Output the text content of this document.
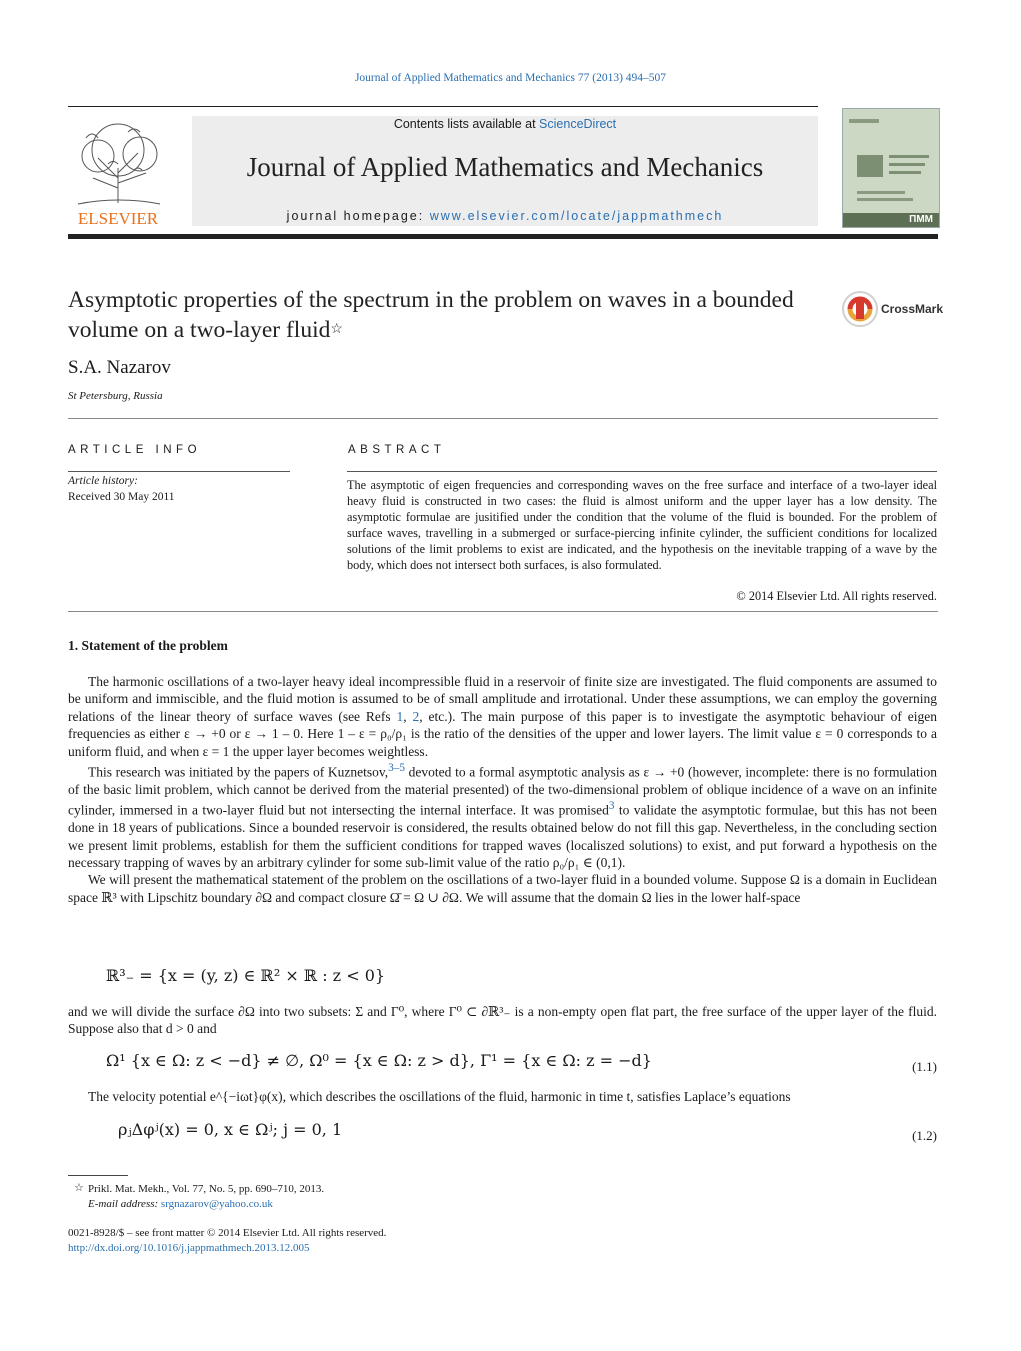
Journal of Applied Mathematics and Mechanics 77 (2013) 494–507
ELSEVIER
Contents lists available at ScienceDirect
Journal of Applied Mathematics and Mechanics
journal homepage: www.elsevier.com/locate/jappmathmech	ПММ
Asymptotic properties of the spectrum in the problem on waves in a bounded volume on a two-layer fluid☆
CrossMark
S.A. Nazarov
St Petersburg, Russia
ARTICLE INFO
Article history:
Received 30 May 2011
ABSTRACT
The asymptotic of eigen frequencies and corresponding waves on the free surface and interface of a two-layer ideal heavy fluid is constructed in two cases: the fluid is almost uniform and the upper layer has a low density. The asymptotic formulae are jusitified under the condition that the volume of the fluid is bounded. For the problem of surface waves, travelling in a submerged or surface-piercing infinite cylinder, the sufficient conditions for localized solutions of the limit problems to exist are indicated, and the hypothesis on the inevitable trapping of a wave by the body, which does not intersect both surfaces, is also formulated.
© 2014 Elsevier Ltd. All rights reserved.
1. Statement of the problem

The harmonic oscillations of a two-layer heavy ideal incompressible fluid in a reservoir of finite size are investigated. The fluid components are assumed to be uniform and immiscible, and the fluid motion is assumed to be of small amplitude and irrotational. Under these assumptions, we can employ the governing relations of the linear theory of surface waves (see Refs 1, 2, etc.). The main purpose of this paper is to investigate the asymptotic behaviour of eigen frequencies as either ε → +0 or ε → 1 – 0. Here 1 – ε = ρ₀/ρ₁ is the ratio of the densities of the upper and lower layers. The limit value ε = 0 corresponds to a uniform fluid, and when ε = 1 the upper layer becomes weightless.

This research was initiated by the papers of Kuznetsov,$^{3-5}$ devoted to a formal asymptotic analysis as ε → +0 (however, incomplete: there is no formulation of the basic limit problem, which cannot be derived from the material presented) of the two-dimensional problem of oblique incidence of a wave on an infinite cylinder, immersed in a two-layer fluid but not intersecting the internal interface. It was promised$^3$ to validate the asymptotic formulae, but this has not been done in 18 years of publications. Since a bounded reservoir is considered, the results obtained below do not fill this gap. Nevertheless, in the concluding section we present limit problems, establish for them the sufficient conditions for trapped waves (localiszed solutions) to exist, and put forward a hypothesis on the necessary trapping of waves by an arbitrary cylinder for some sub-limit value of the ratio ρ₀/ρ₁ ∈ (0,1).

We will present the mathematical statement of the problem on the oscillations of a two-layer fluid in a bounded volume. Suppose Ω is a domain in Euclidean space ℝ³ with Lipschitz boundary ∂Ω and compact closure Ω̄ = Ω ∪ ∂Ω. We will assume that the domain Ω lies in the lower half-space

ℝ³₋ = {x = (y, z) ∈ ℝ² × ℝ : z < 0}

and we will divide the surface ∂Ω into two subsets: Σ and Γ⁰, where Γ⁰ ⊂ ∂ℝ³₋ is a non-empty open flat part, the free surface of the upper layer of the fluid. Suppose also that d > 0 and

Ω¹ {x ∈ Ω: z < −d} ≠ ∅, Ω⁰ = {x ∈ Ω: z > d}, Γ¹ = {x ∈ Ω: z = −d}	(1.1)

The velocity potential e^{−iωt}φ(x), which describes the oscillations of the fluid, harmonic in time t, satisfies Laplace’s equations

ρⱼΔφʲ(x) = 0, x ∈ Ωʲ; j = 0, 1	(1.2)
☆ Prikl. Mat. Mekh., Vol. 77, No. 5, pp. 690–710, 2013.
E-mail address: srgnazarov@yahoo.co.uk
0021-8928/$ – see front matter © 2014 Elsevier Ltd. All rights reserved.
http://dx.doi.org/10.1016/j.jappmathmech.2013.12.005
